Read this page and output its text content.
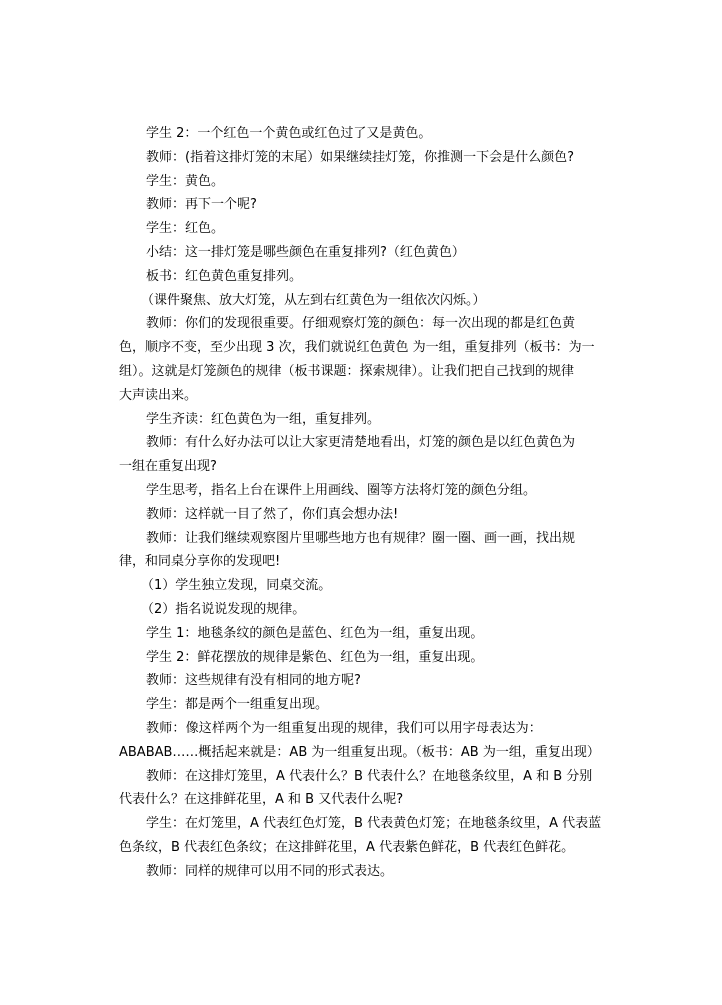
学生 2：一个红色一个黄色或红色过了又是黄色。
教师：(指着这排灯笼的末尾）如果继续挂灯笼，你推测一下会是什么颜色?
学生：黄色。
教师：再下一个呢?
学生：红色。
小结：这一排灯笼是哪些颜色在重复排列?（红色黄色）
板书：红色黄色重复排列。
（课件聚焦、放大灯笼，从左到右红黄色为一组依次闪烁。）
教师：你们的发现很重要。仔细观察灯笼的颜色：每一次出现的都是红色黄
色，顺序不变，至少出现 3 次，我们就说红色黄色 为一组，重复排列（板书：为一
组）。这就是灯笼颜色的规律（板书课题：探索规律）。让我们把自己找到的规律
大声读出来。
学生齐读：红色黄色为一组，重复排列。
教师：有什么好办法可以让大家更清楚地看出，灯笼的颜色是以红色黄色为
一组在重复出现?
学生思考，指名上台在课件上用画线、圈等方法将灯笼的颜色分组。
教师：这样就一目了然了，你们真会想办法!
教师：让我们继续观察图片里哪些地方也有规律？圈一圈、画一画，找出规
律，和同桌分享你的发现吧!
（1）学生独立发现，同桌交流。
（2）指名说说发现的规律。
学生 1：地毯条纹的颜色是蓝色、红色为一组，重复出现。
学生 2：鲜花摆放的规律是紫色、红色为一组，重复出现。
教师：这些规律有没有相同的地方呢?
学生：都是两个一组重复出现。
教师：像这样两个为一组重复出现的规律，我们可以用字母表达为：
ABABAB……概括起来就是：AB 为一组重复出现。（板书：AB 为一组，重复出现）
教师：在这排灯笼里，A 代表什么？B 代表什么？在地毯条纹里，A 和 B 分别
代表什么？在这排鲜花里，A 和 B 又代表什么呢?
学生：在灯笼里，A 代表红色灯笼，B 代表黄色灯笼；在地毯条纹里，A 代表蓝
色条纹，B 代表红色条纹；在这排鲜花里，A 代表紫色鲜花，B 代表红色鲜花。
教师：同样的规律可以用不同的形式表达。
